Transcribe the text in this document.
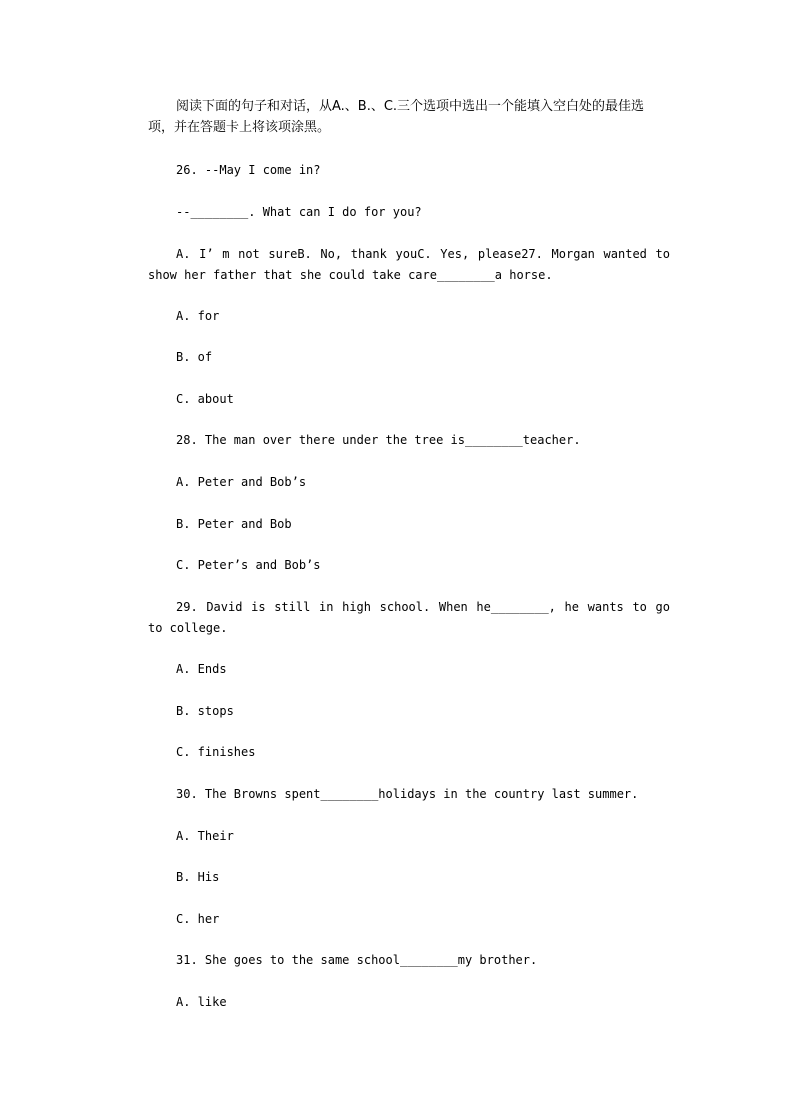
阅读下面的句子和对话，从A.、B.、C.三个选项中选出一个能填入空白处的最佳选项，并在答题卡上将该项涂黑。

26. --May I come in?

--________. What can I do for you?

A. I’ m not sureB. No, thank youC. Yes, please27. Morgan wanted to show her father that she could take care________a horse.

A. for

B. of

C. about

28. The man over there under the tree is________teacher.

A. Peter and Bob’s

B. Peter and Bob

C. Peter’s and Bob’s

29. David is still in high school. When he________, he wants to go to college.

A. Ends

B. stops

C. finishes

30. The Browns spent________holidays in the country last summer.

A. Their

B. His

C. her

31. She goes to the same school________my brother.

A. like
